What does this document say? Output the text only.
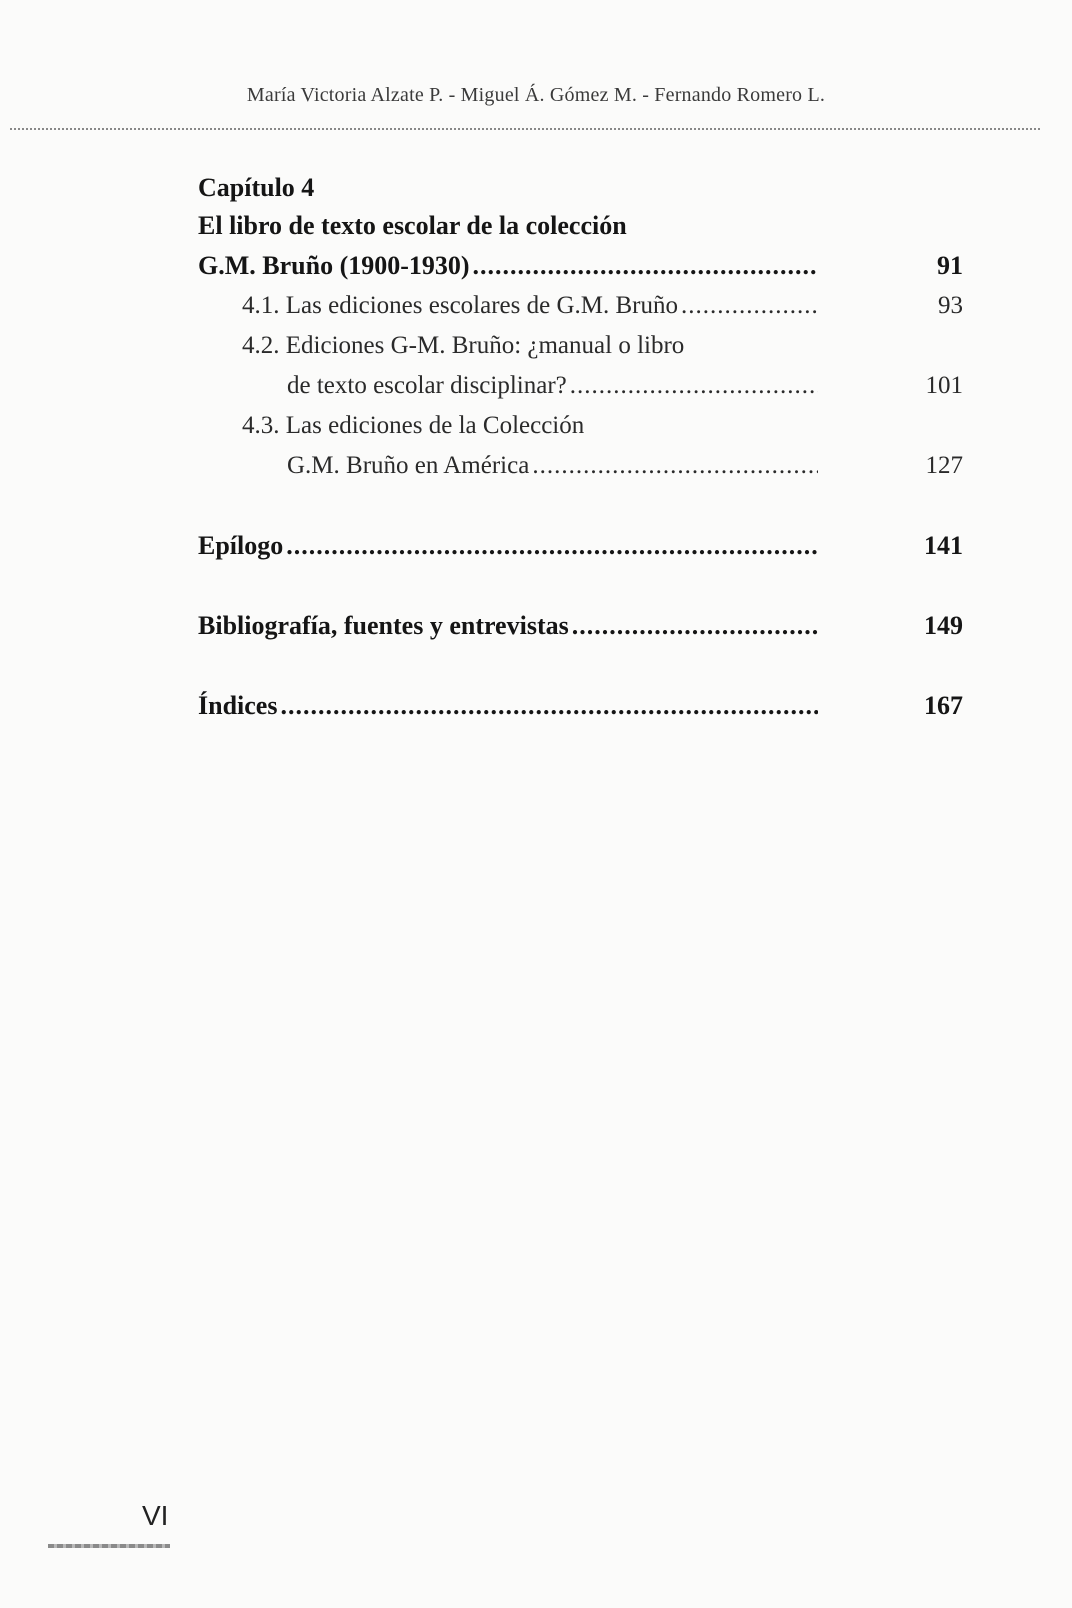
María Victoria Alzate P. - Miguel Á. Gómez M. - Fernando Romero L.
Capítulo 4
El libro de texto escolar de la colección
G.M. Bruño (1900-1930) .....	91
4.1. Las ediciones escolares de G.M. Bruño .....	93
4.2. Ediciones G-M. Bruño: ¿manual o libro
de texto escolar disciplinar? .....	101
4.3. Las ediciones de la Colección
G.M. Bruño en América .....	127
Epílogo .....	141
Bibliografía, fuentes y entrevistas .....	149
Índices .....	167
VI
